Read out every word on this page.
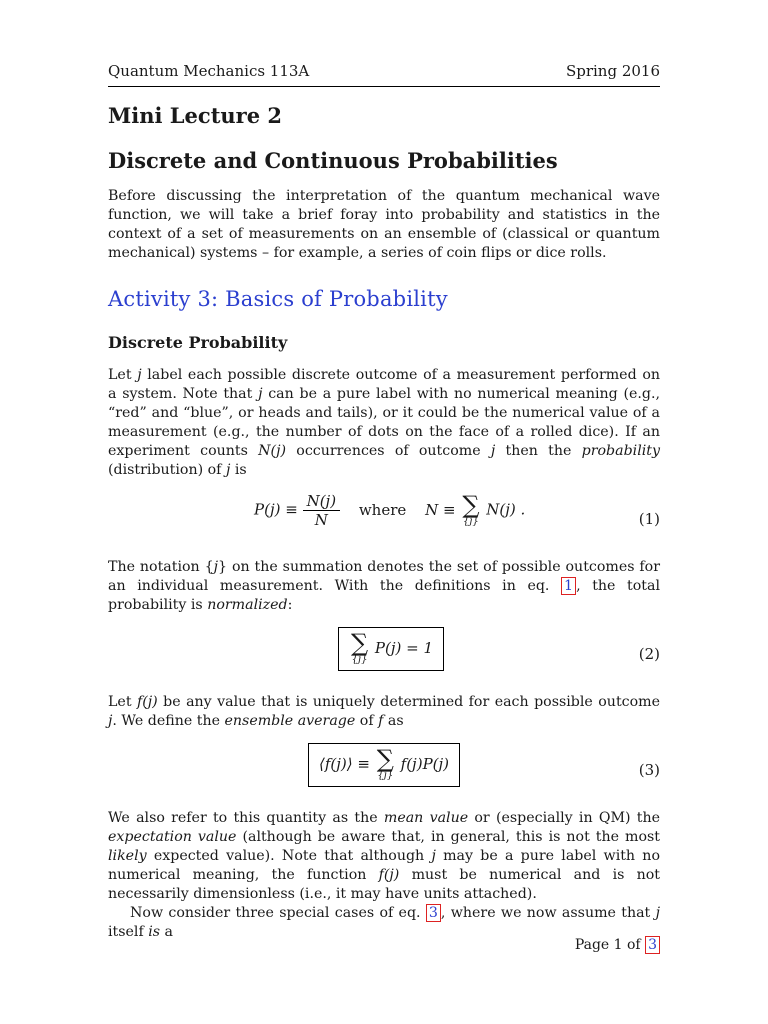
Quantum Mechanics 113A	Spring 2016
Mini Lecture 2
Discrete and Continuous Probabilities

Before discussing the interpretation of the quantum mechanical wave function, we will take a brief foray into probability and statistics in the context of a set of measurements on an ensemble of (classical or quantum mechanical) systems – for example, a series of coin flips or dice rolls.

Activity 3: Basics of Probability
Discrete Probability

Let j label each possible discrete outcome of a measurement performed on a system. Note that j can be a pure label with no numerical meaning (e.g., “red” and “blue”, or heads and tails), or it could be the numerical value of a measurement (e.g., the number of dots on the face of a rolled dice). If an experiment counts N(j) occurrences of outcome j then the probability (distribution) of j is

$P(j) \equiv \frac{N(j)}{N}$ where N ≡ ∑
{j}
N(j) .
(1)

The notation {j} on the summation denotes the set of possible outcomes for an individual measurement. With the definitions in eq. 1 , the total probability is normalized:

∑
{j}
P(j) = 1	(2)

Let f(j) be any value that is uniquely determined for each possible outcome j. We define the ensemble average of f as

⟨f(j)⟩ ≡ ∑
{j}
f(j)P(j)	(3)

We also refer to this quantity as the mean value or (especially in QM) the expectation value (although be aware that, in general, this is not the most likely expected value). Note that although j may be a pure label with no numerical meaning, the function f(j) must be numerical and is not necessarily dimensionless (i.e., it may have units attached).

Now consider three special cases of eq. 3 , where we now assume that j itself is a

Page 1 of 3
